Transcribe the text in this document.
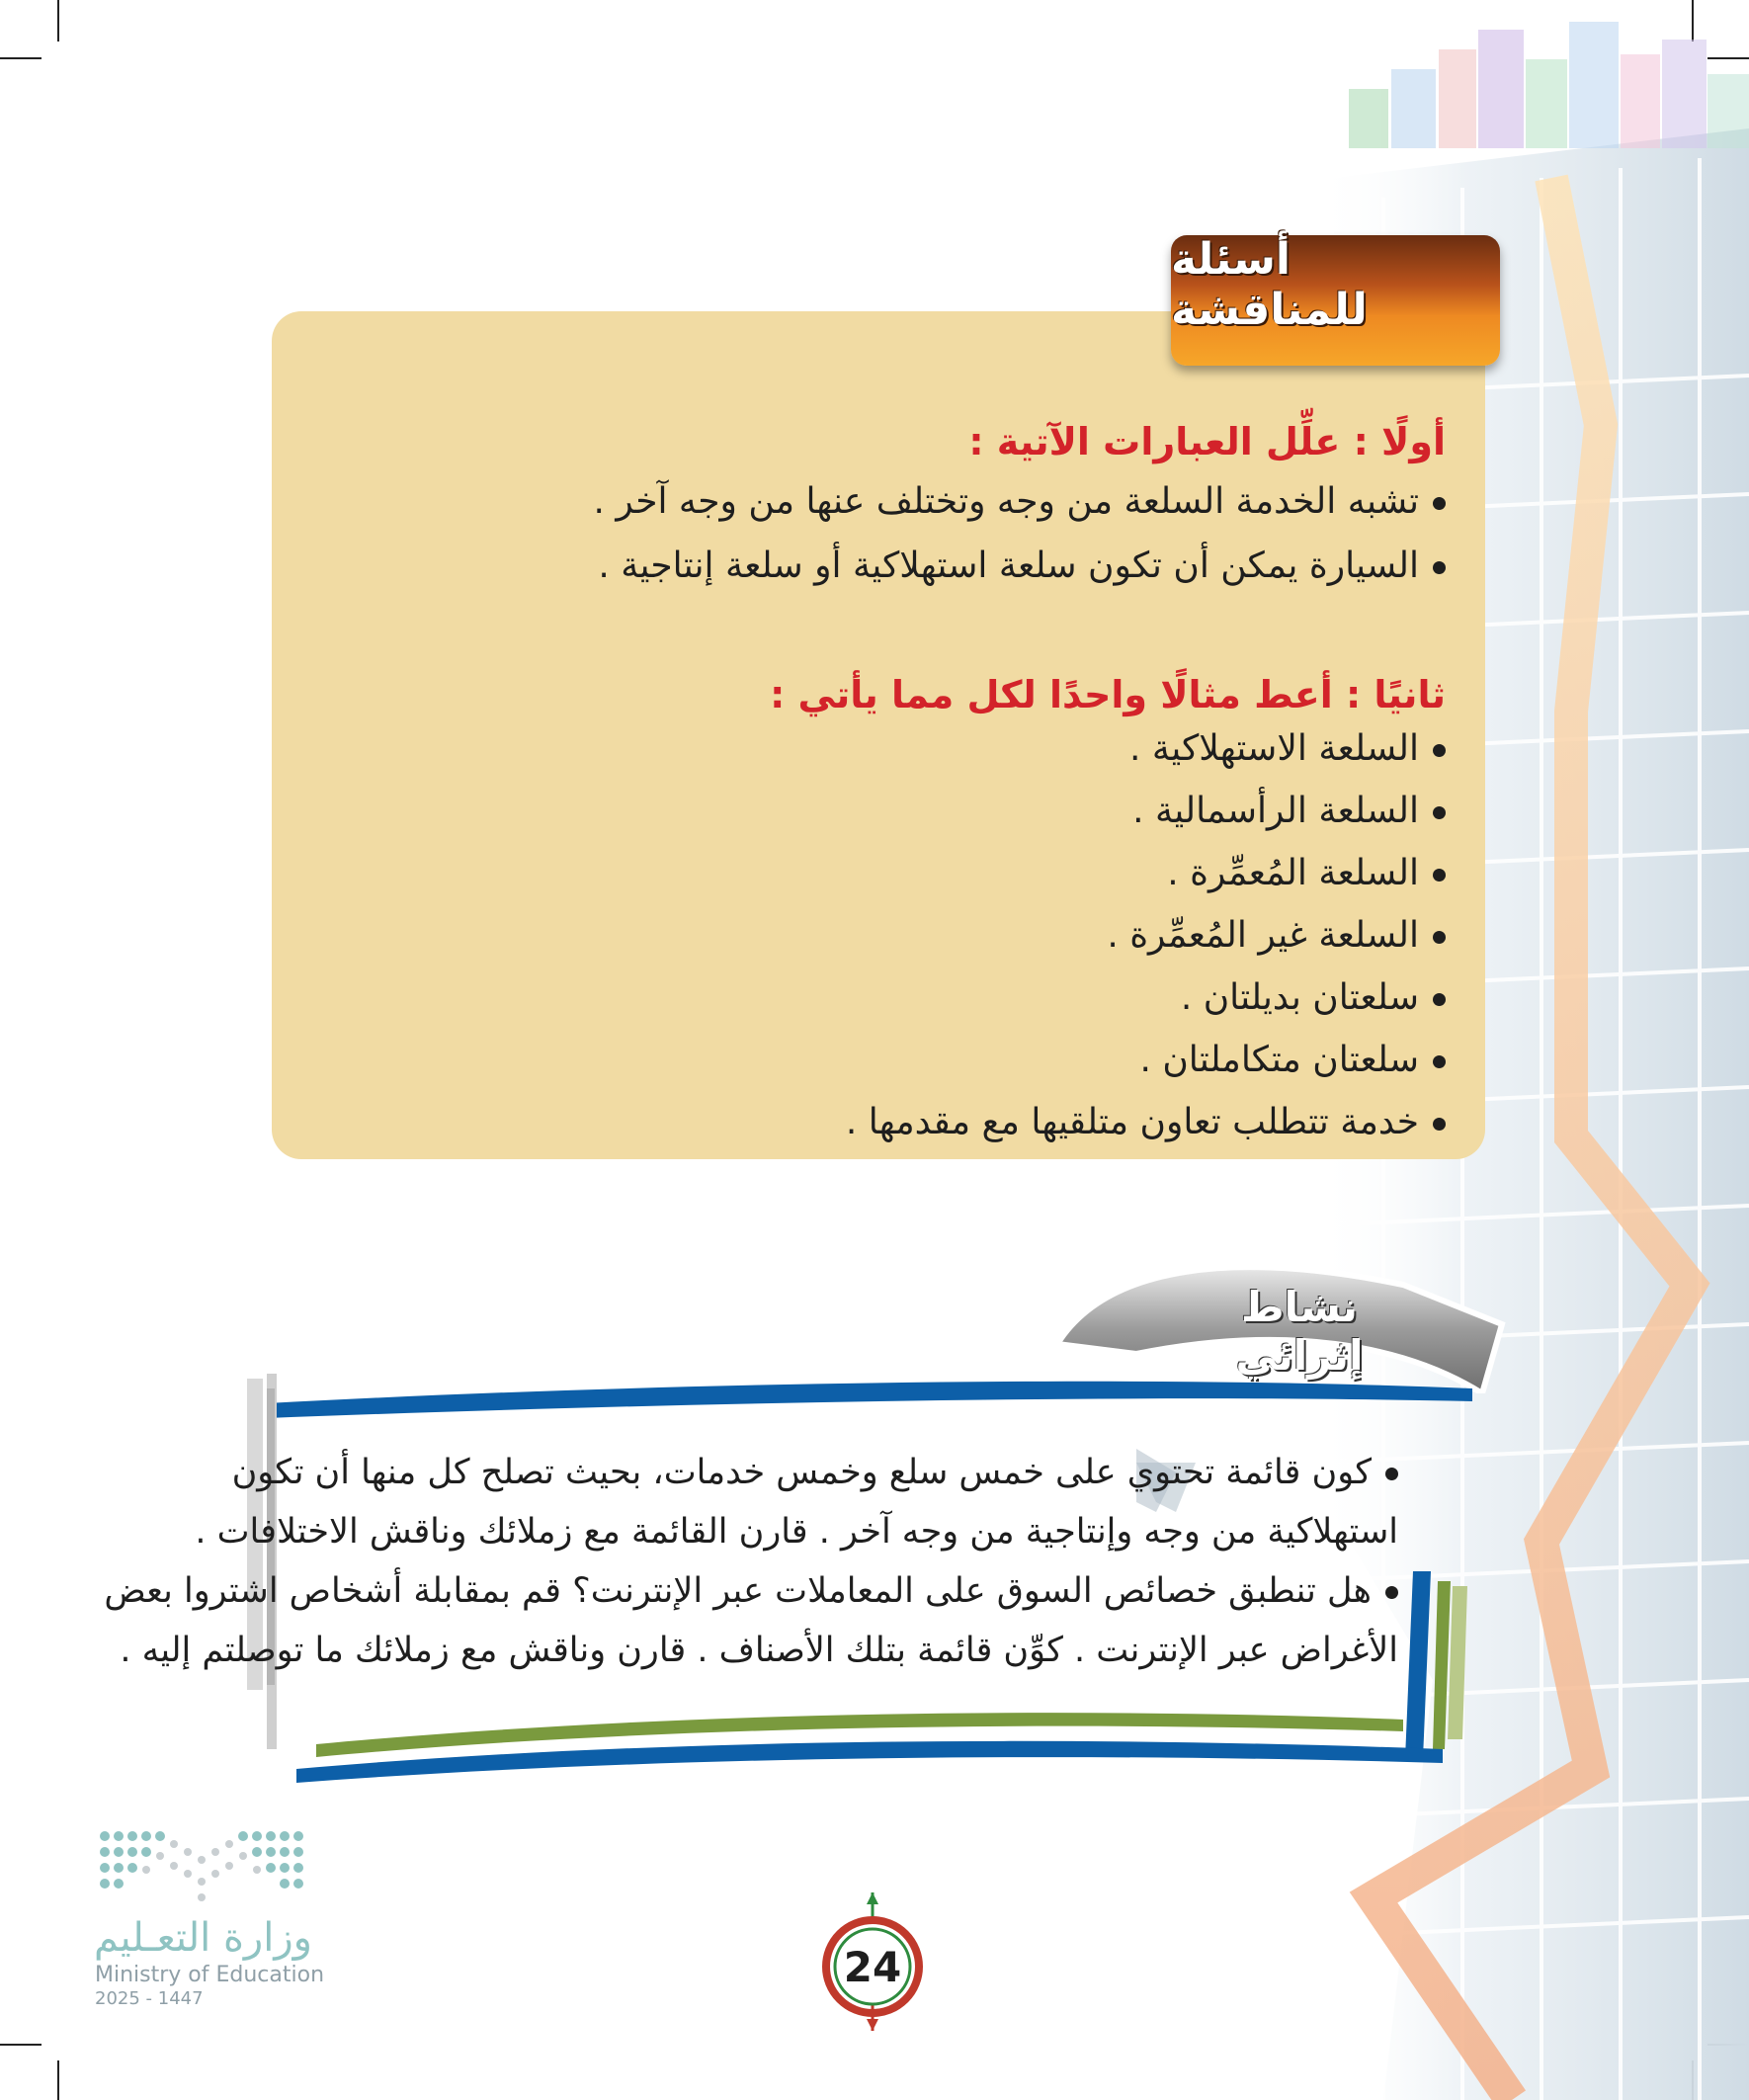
أولًا : علِّل العبارات الآتية :
تشبه الخدمة السلعة من وجه وتختلف عنها من وجه آخر .
السيارة يمكن أن تكون سلعة استهلاكية أو سلعة إنتاجية .
ثانيًا : أعط مثالًا واحدًا لكل مما يأتي :
السلعة الاستهلاكية .
السلعة الرأسمالية .
السلعة المُعمِّرة .
السلعة غير المُعمِّرة .
سلعتان بديلتان .
سلعتان متكاملتان .
خدمة تتطلب تعاون متلقيها مع مقدمها .
أسئلة للمناقشة
نشاط إثرائي
كون قائمة تحتوي على خمس سلع وخمس خدمات، بحيث تصلح كل منها أن تكون
استهلاكية من وجه وإنتاجية من وجه آخر . قارن القائمة مع زملائك وناقش الاختلافات .
هل تنطبق خصائص السوق على المعاملات عبر الإنترنت؟ قم بمقابلة أشخاص اشتروا بعض
الأغراض عبر الإنترنت . كوِّن قائمة بتلك الأصناف . قارن وناقش مع زملائك ما توصلتم إليه .
وزارة التعـليم
Ministry of Education
2025 - 1447
24
